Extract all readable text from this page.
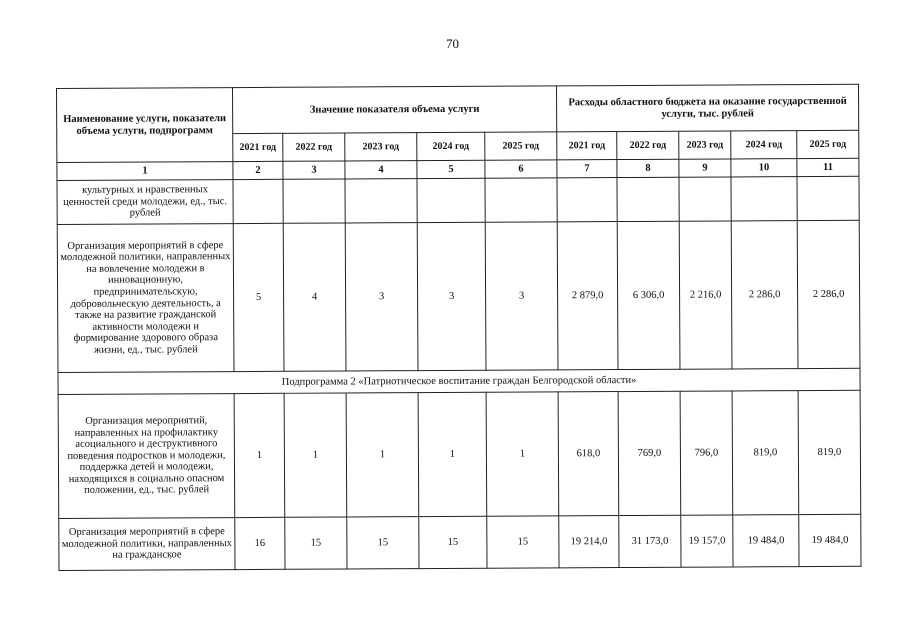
70
Наименование услуги, показатели объема услуги, подпрограмм	Значение показателя объема услуги					Расходы областного бюджета на оказание государственной услуги, тыс. рублей				
	2021 год	2022 год	2023 год	2024 год	2025 год	2021 год	2022 год	2023 год	2024 год	2025 год
1	2	3	4	5	6	7	8	9	10	11
культурных и нравственных ценностей среди молодежи, ед., тыс. рублей										
Организация мероприятий в сфере молодежной политики, направленных на вовлечение молодежи в инновационную, предпринимательскую, добровольческую деятельность, а также на развитие гражданской активности молодежи и формирование здорового образа жизни, ед., тыс. рублей	5	4	3	3	3	2 879,0	6 306,0	2 216,0	2 286,0	2 286,0
Подпрограмма 2 «Патриотическое воспитание граждан Белгородской области»										
Организация мероприятий, направленных на профилактику асоциального и деструктивного поведения подростков и молодежи, поддержка детей и молодежи, находящихся в социально опасном положении, ед., тыс. рублей	1	1	1	1	1	618,0	769,0	796,0	819,0	819,0
Организация мероприятий в сфере молодежной политики, направленных на гражданское	16	15	15	15	15	19 214,0	31 173,0	19 157,0	19 484,0	19 484,0
